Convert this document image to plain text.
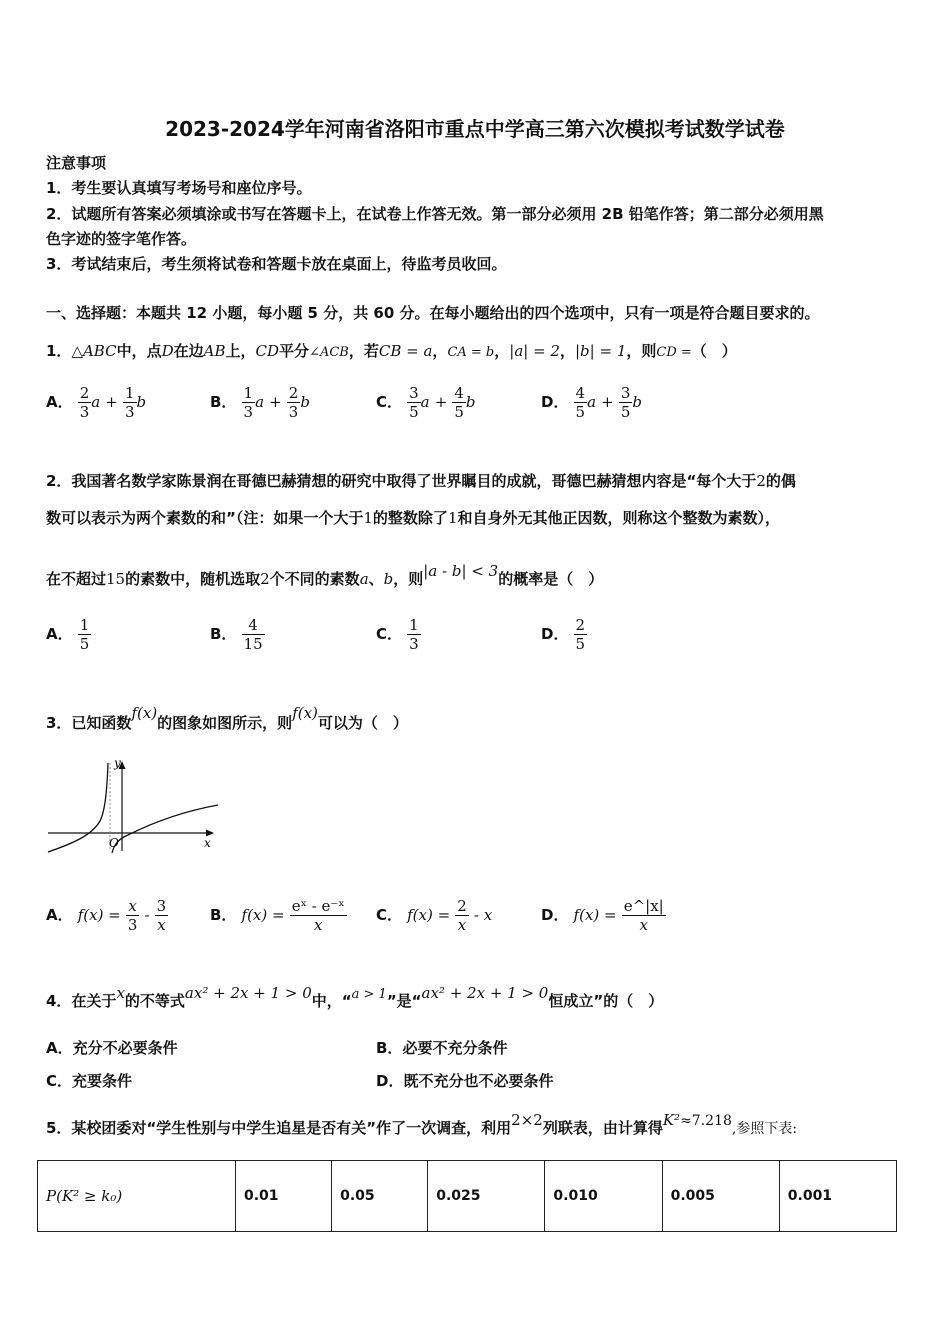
2023-2024学年河南省洛阳市重点中学高三第六次模拟考试数学试卷
注意事项
1．考生要认真填写考场号和座位序号。
2．试题所有答案必须填涂或书写在答题卡上，在试卷上作答无效。第一部分必须用 2B 铅笔作答；第二部分必须用黑
色字迹的签字笔作答。
3．考试结束后，考生须将试卷和答题卡放在桌面上，待监考员收回。
一、选择题：本题共 12 小题，每小题 5 分，共 60 分。在每小题给出的四个选项中，只有一项是符合题目要求的。
1．△ABC中，点D在边AB上，CD平分∠ACB，若CB = a，CA = b，|a| = 2，|b| = 1，则CD =（　）
A． $\frac{2}{3}$ $a + \frac{1}{3}$ b	B． $\frac{1}{3}$ $a + \frac{2}{3}$ b	C． $\frac{3}{5}$ $a + \frac{4}{5}$ b	D． $\frac{4}{5}$ $a + \frac{3}{5}$ b
2．我国著名数学家陈景润在哥德巴赫猜想的研究中取得了世界瞩目的成就，哥德巴赫猜想内容是“每个大于2的偶
数可以表示为两个素数的和”（注：如果一个大于1的整数除了1和自身外无其他正因数，则称这个整数为素数），
在不超过15的素数中，随机选取2个不同的素数a、b，则|a - b| < 3的概率是（　）
A． $\frac{1}{5}$	B． $\frac{4}{15}$	C． $\frac{1}{3}$	D． $\frac{2}{5}$
3．已知函数f(x)的图象如图所示，则f(x)可以为（　）
y
x
O
A． $f(x) = \frac{x}{3} - \frac{3}{x}$	B． $f(x) = \frac{\text{eˣ - e⁻ˣ}}{x}$ C． $f(x) = \frac{2}{x} - x$	D． $f(x) = \frac{e\^{}|x|}{x}$
4．在关于x的不等式ax² + 2x + 1 > 0中，“a > 1”是“ax² + 2x + 1 > 0恒成立”的（　）
A．充分不必要条件	B．必要不充分条件
C．充要条件	D．既不充分也不必要条件
5．某校团委对“学生性别与中学生追星是否有关”作了一次调查，利用2×2列联表，由计算得K²≈7.218,参照下表:
P(K² ≥ k₀)	0.01	0.05	0.025	0.010	0.005	0.001
